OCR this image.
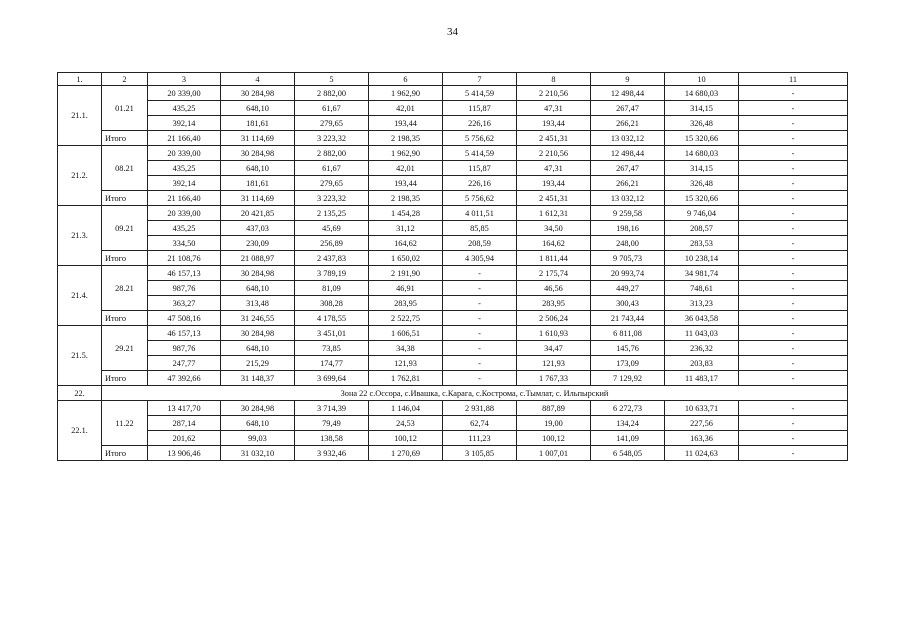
34
1.	2	3	4	5	6	7	8	9	10	11
21.1.	01.21	20 339,00	30 284,98	2 882,00	1 962,90	5 414,59	2 210,56	12 498,44	14 680,03	-
		435,25	648,10	61,67	42,01	115,87	47,31	267,47	314,15	-
		392,14	181,61	279,65	193,44	226,16	193,44	266,21	326,48	-
	Итого	21 166,40	31 114,69	3 223,32	2 198,35	5 756,62	2 451,31	13 032,12	15 320,66	-
21.2.	08.21	20 339,00	30 284,98	2 882,00	1 962,90	5 414,59	2 210,56	12 498,44	14 680,03	-
		435,25	648,10	61,67	42,01	115,87	47,31	267,47	314,15	-
		392,14	181,61	279,65	193,44	226,16	193,44	266,21	326,48	-
	Итого	21 166,40	31 114,69	3 223,32	2 198,35	5 756,62	2 451,31	13 032,12	15 320,66	-
21.3.	09.21	20 339,00	20 421,85	2 135,25	1 454,28	4 011,51	1 612,31	9 259,58	9 746,04	-
		435,25	437,03	45,69	31,12	85,85	34,50	198,16	208,57	-
		334,50	230,09	256,89	164,62	208,59	164,62	248,00	283,53	-
	Итого	21 108,76	21 088,97	2 437,83	1 650,02	4 305,94	1 811,44	9 705,73	10 238,14	-
21.4.	28.21	46 157,13	30 284,98	3 789,19	2 191,90	-	2 175,74	20 993,74	34 981,74	-
		987,76	648,10	81,09	46,91	-	46,56	449,27	748,61	-
		363,27	313,48	308,28	283,95	-	283,95	300,43	313,23	-
	Итого	47 508,16	31 246,55	4 178,55	2 522,75	-	2 506,24	21 743,44	36 043,58	-
21.5.	29.21	46 157,13	30 284,98	3 451,01	1 606,51	-	1 610,93	6 811,08	11 043,03	-
		987,76	648,10	73,85	34,38	-	34,47	145,76	236,32	-
		247,77	215,29	174,77	121,93	-	121,93	173,09	203,83	-
	Итого	47 392,66	31 148,37	3 699,64	1 762,81	-	1 767,33	7 129,92	11 483,17	-
22.	Зона 22 с.Оссора, с.Ивашка, с.Карага, с.Кострома, с.Тымлат, с. Ильпырский									
22.1.	11.22	13 417,70	30 284,98	3 714,39	1 146,04	2 931,88	887,89	6 272,73	10 633,71	-
		287,14	648,10	79,49	24,53	62,74	19,00	134,24	227,56	-
		201,62	99,03	138,58	100,12	111,23	100,12	141,09	163,36	-
	Итого	13 906,46	31 032,10	3 932,46	1 270,69	3 105,85	1 007,01	6 548,05	11 024,63	-
